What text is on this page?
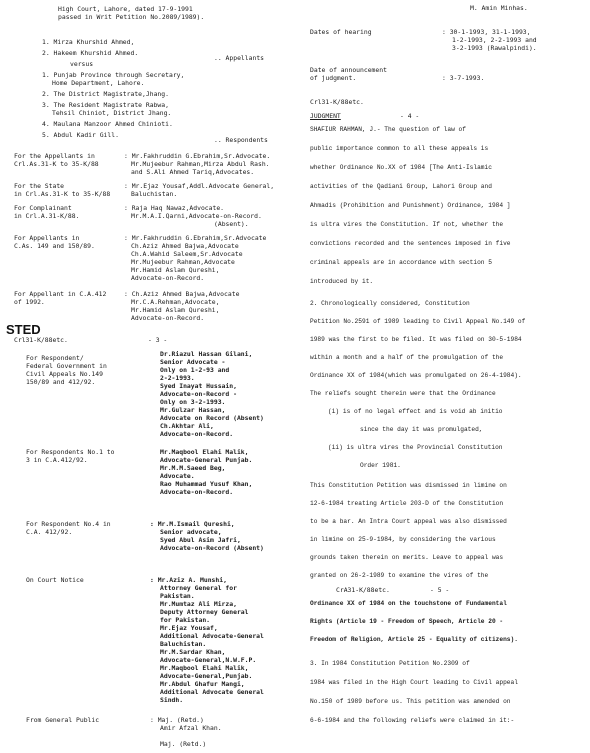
High Court, Lahore, dated 17-9-1991
passed in Writ Petition No.2089/1989).
1. Mirza Khurshid Ahmed,
2. Hakeem Khurshid Ahmed.
.. Appellants
versus
1. Punjab Province through Secretary,
Home Department, Lahore.
2. The District Magistrate,Jhang.
3. The Resident Magistrate Rabwa,
Tehsil Chiniot, District Jhang.
4. Maulana Manzoor Ahmed Chinioti.
5. Abdul Kadir Gill.
.. Respondents
For the Appellants in
Crl.As.31-K to 35-K/88
: Mr.Fakhruddin G.Ebrahim,Sr.Advocate.
Mr.Mujeebur Rahman,Mirza Abdul Rash.
and S.Ali Ahmed Tariq,Advocates.
For the State
in Crl.As.31-K to 35-K/88
: Mr.Ejaz Yousaf,Addl.Advocate General,
Baluchistan.
For Complainant
in Crl.A.31-K/88.
: Raja Haq Nawaz,Advocate.
Mr.M.A.I.Qarni,Advocate-on-Record.
(Absent).
For Appellants in
C.As. 149 and 150/89.
: Mr.Fakhruddin G.Ebrahim,Sr.Advocate
Ch.Aziz Ahmed Bajwa,Advocate
Ch.A.Wahid Saleem,Sr.Advocate
Mr.Mujeebur Rahman,Advocate
Mr.Hamid Aslam Qureshi,
Advocate-on-Record.
For Appellant in C.A.412
of 1992.
: Ch.Aziz Ahmed Bajwa,Advocate
Mr.C.A.Rehman,Advocate,
Mr.Hamid Aslam Qureshi,
Advocate-on-Record.
STED
Crl31-K/88etc.	- 3 -
For Respondent/
Federal Government in
Civil Appeals No.149
150/89 and 412/92.
Dr.Riazul Hassan Gilani,
Senior Advocate -
Only on 1-2-93 and
2-2-1993.
Syed Inayat Hussain,
Advocate-on-Record -
Only on 3-2-1993.
Mr.Gulzar Hassan,
Advocate on Record (Absent)
Ch.Akhtar Ali,
Advocate-on-Record.
For Respondents No.1 to
3 in C.A.412/92.
Mr.Maqbool Elahi Malik,
Advocate-General Punjab.
Mr.M.M.Saeed Beg,
Advocate.
Rao Muhammad Yusuf Khan,
Advocate-on-Record.
For Respondent No.4 in
C.A. 412/92.
: Mr.M.Ismail Qureshi,
Senior advocate,
Syed Abul Asim Jafri,
Advocate-on-Record (Absent)
On Court Notice	: Mr.Aziz A. Munshi,
Attorney General for
Pakistan.
Mr.Mumtaz Ali Mirza,
Deputy Attorney General
for Pakistan.
Mr.Ejaz Yousaf,
Additional Advocate-General
Baluchistan.
Mr.M.Sardar Khan,
Advocate-General,N.W.F.P.
Mr.Maqbool Elahi Malik,
Advocate-General,Punjab.
Mr.Abdul Ghafur Mangi,
Additional Advocate General
Sindh.
From General Public	: Maj. (Retd.)
Amir Afzal Khan.
Maj. (Retd.)
M. Amin Minhas.
Dates of hearing	: 30-1-1993, 31-1-1993,
1-2-1993, 2-2-1993 and
3-2-1993 (Rawalpindi).
Date of announcement
of judgment.	: 3-7-1993.
Crl31-K/88etc.
JUDGMENT	- 4 -
SHAFIUR RAHMAN, J.- The question of law of
public importance common to all these appeals is
whether Ordinance No.XX of 1984 [The Anti-Islamic
activities of the Qadiani Group, Lahori Group and
Ahmadis (Prohibition and Punishment) Ordinance, 1984 ]
is ultra vires the Constitution. If not, whether the
convictions recorded and the sentences imposed in five
criminal appeals are in accordance with section 5
introduced by it.
2. Chronologically considered, Constitution
Petition No.2591 of 1989 leading to Civil Appeal No.149 of
1989 was the first to be filed. It was filed on 30-5-1984
within a month and a half of the promulgation of the
Ordinance XX of 1984(which was promulgated on 26-4-1984).
The reliefs sought therein were that the Ordinance
(i) is of no legal effect and is void ab initio
since the day it was promulgated,
(ii) is ultra vires the Provincial Constitution
Order 1981.
This Constitution Petition was dismissed in limine on
12-6-1984 treating Article 203-D of the Constitution
to be a bar. An Intra Court appeal was also dismissed
in limine on 25-9-1984, by considering the various
grounds taken therein on merits. Leave to appeal was
granted on 26-2-1989 to examine the vires of the
CrA31-K/88etc.	- 5 -
Ordinance XX of 1984 on the touchstone of Fundamental
Rights (Article 19 - Freedom of Speech, Article 20 -
Freedom of Religion, Article 25 - Equality of citizens).
3. In 1984 Constitution Petition No.2309 of
1984 was filed in the High Court leading to Civil appeal
No.150 of 1989 before us. This petition was amended on
6-6-1984 and the following reliefs were claimed in it:-
